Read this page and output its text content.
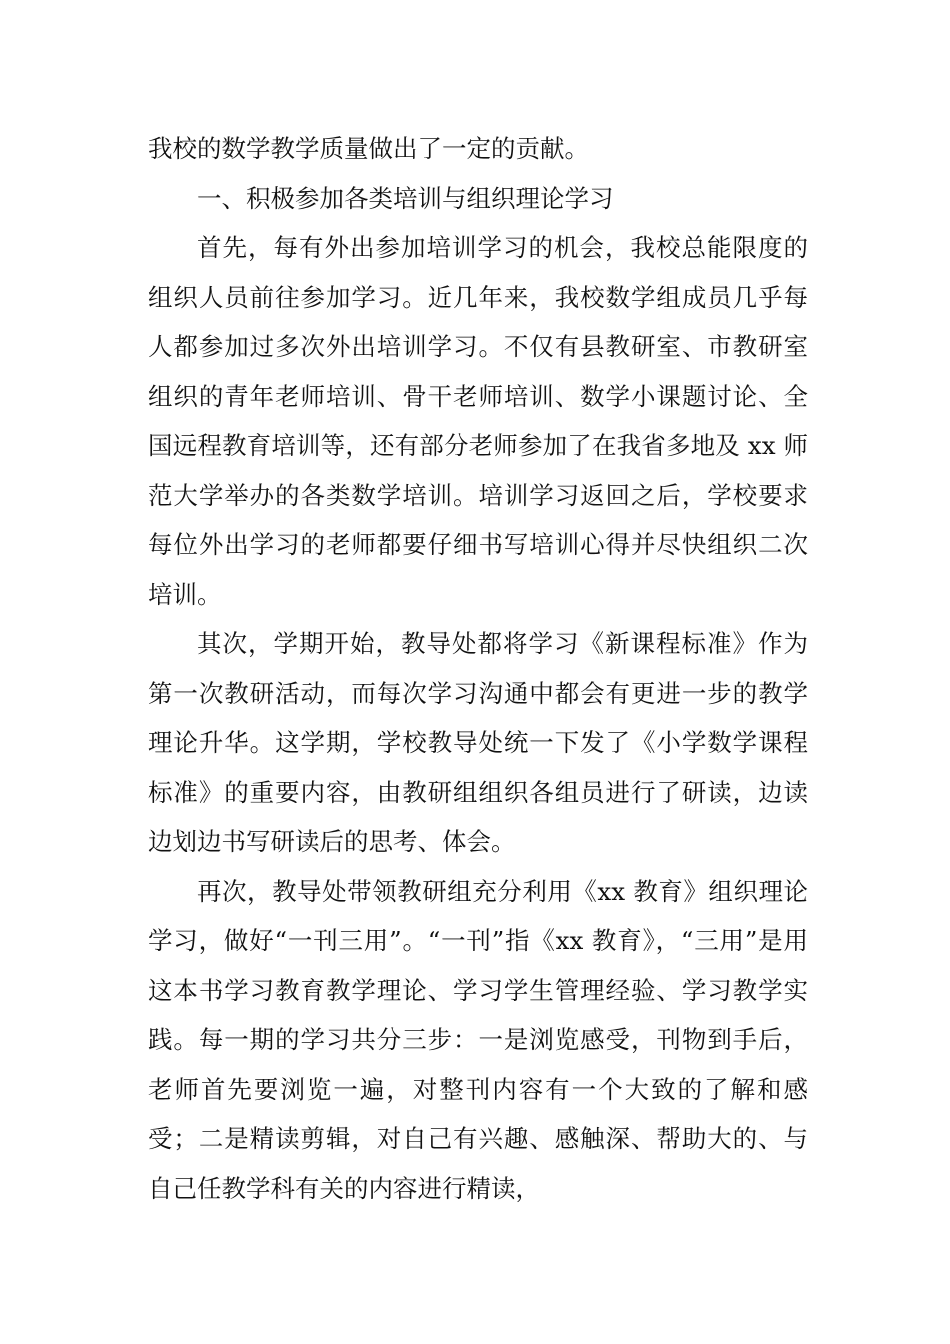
我校的数学教学质量做出了一定的贡献。

一、积极参加各类培训与组织理论学习

首先，每有外出参加培训学习的机会，我校总能限度的组织人员前往参加学习。近几年来，我校数学组成员几乎每人都参加过多次外出培训学习。不仅有县教研室、市教研室组织的青年老师培训、骨干老师培训、数学小课题讨论、全国远程教育培训等，还有部分老师参加了在我省多地及 xx 师范大学举办的各类数学培训。培训学习返回之后，学校要求每位外出学习的老师都要仔细书写培训心得并尽快组织二次培训。

其次，学期开始，教导处都将学习《新课程标准》作为第一次教研活动，而每次学习沟通中都会有更进一步的教学理论升华。这学期，学校教导处统一下发了《小学数学课程标准》的重要内容，由教研组组织各组员进行了研读，边读边划边书写研读后的思考、体会。

再次，教导处带领教研组充分利用《xx 教育》组织理论学习，做好“一刊三用”。“一刊”指《xx 教育》，“三用”是用这本书学习教育教学理论、学习学生管理经验、学习教学实践。每一期的学习共分三步：一是浏览感受，刊物到手后，老师首先要浏览一遍，对整刊内容有一个大致的了解和感受；二是精读剪辑，对自己有兴趣、感触深、帮助大的、与自己任教学科有关的内容进行精读，
